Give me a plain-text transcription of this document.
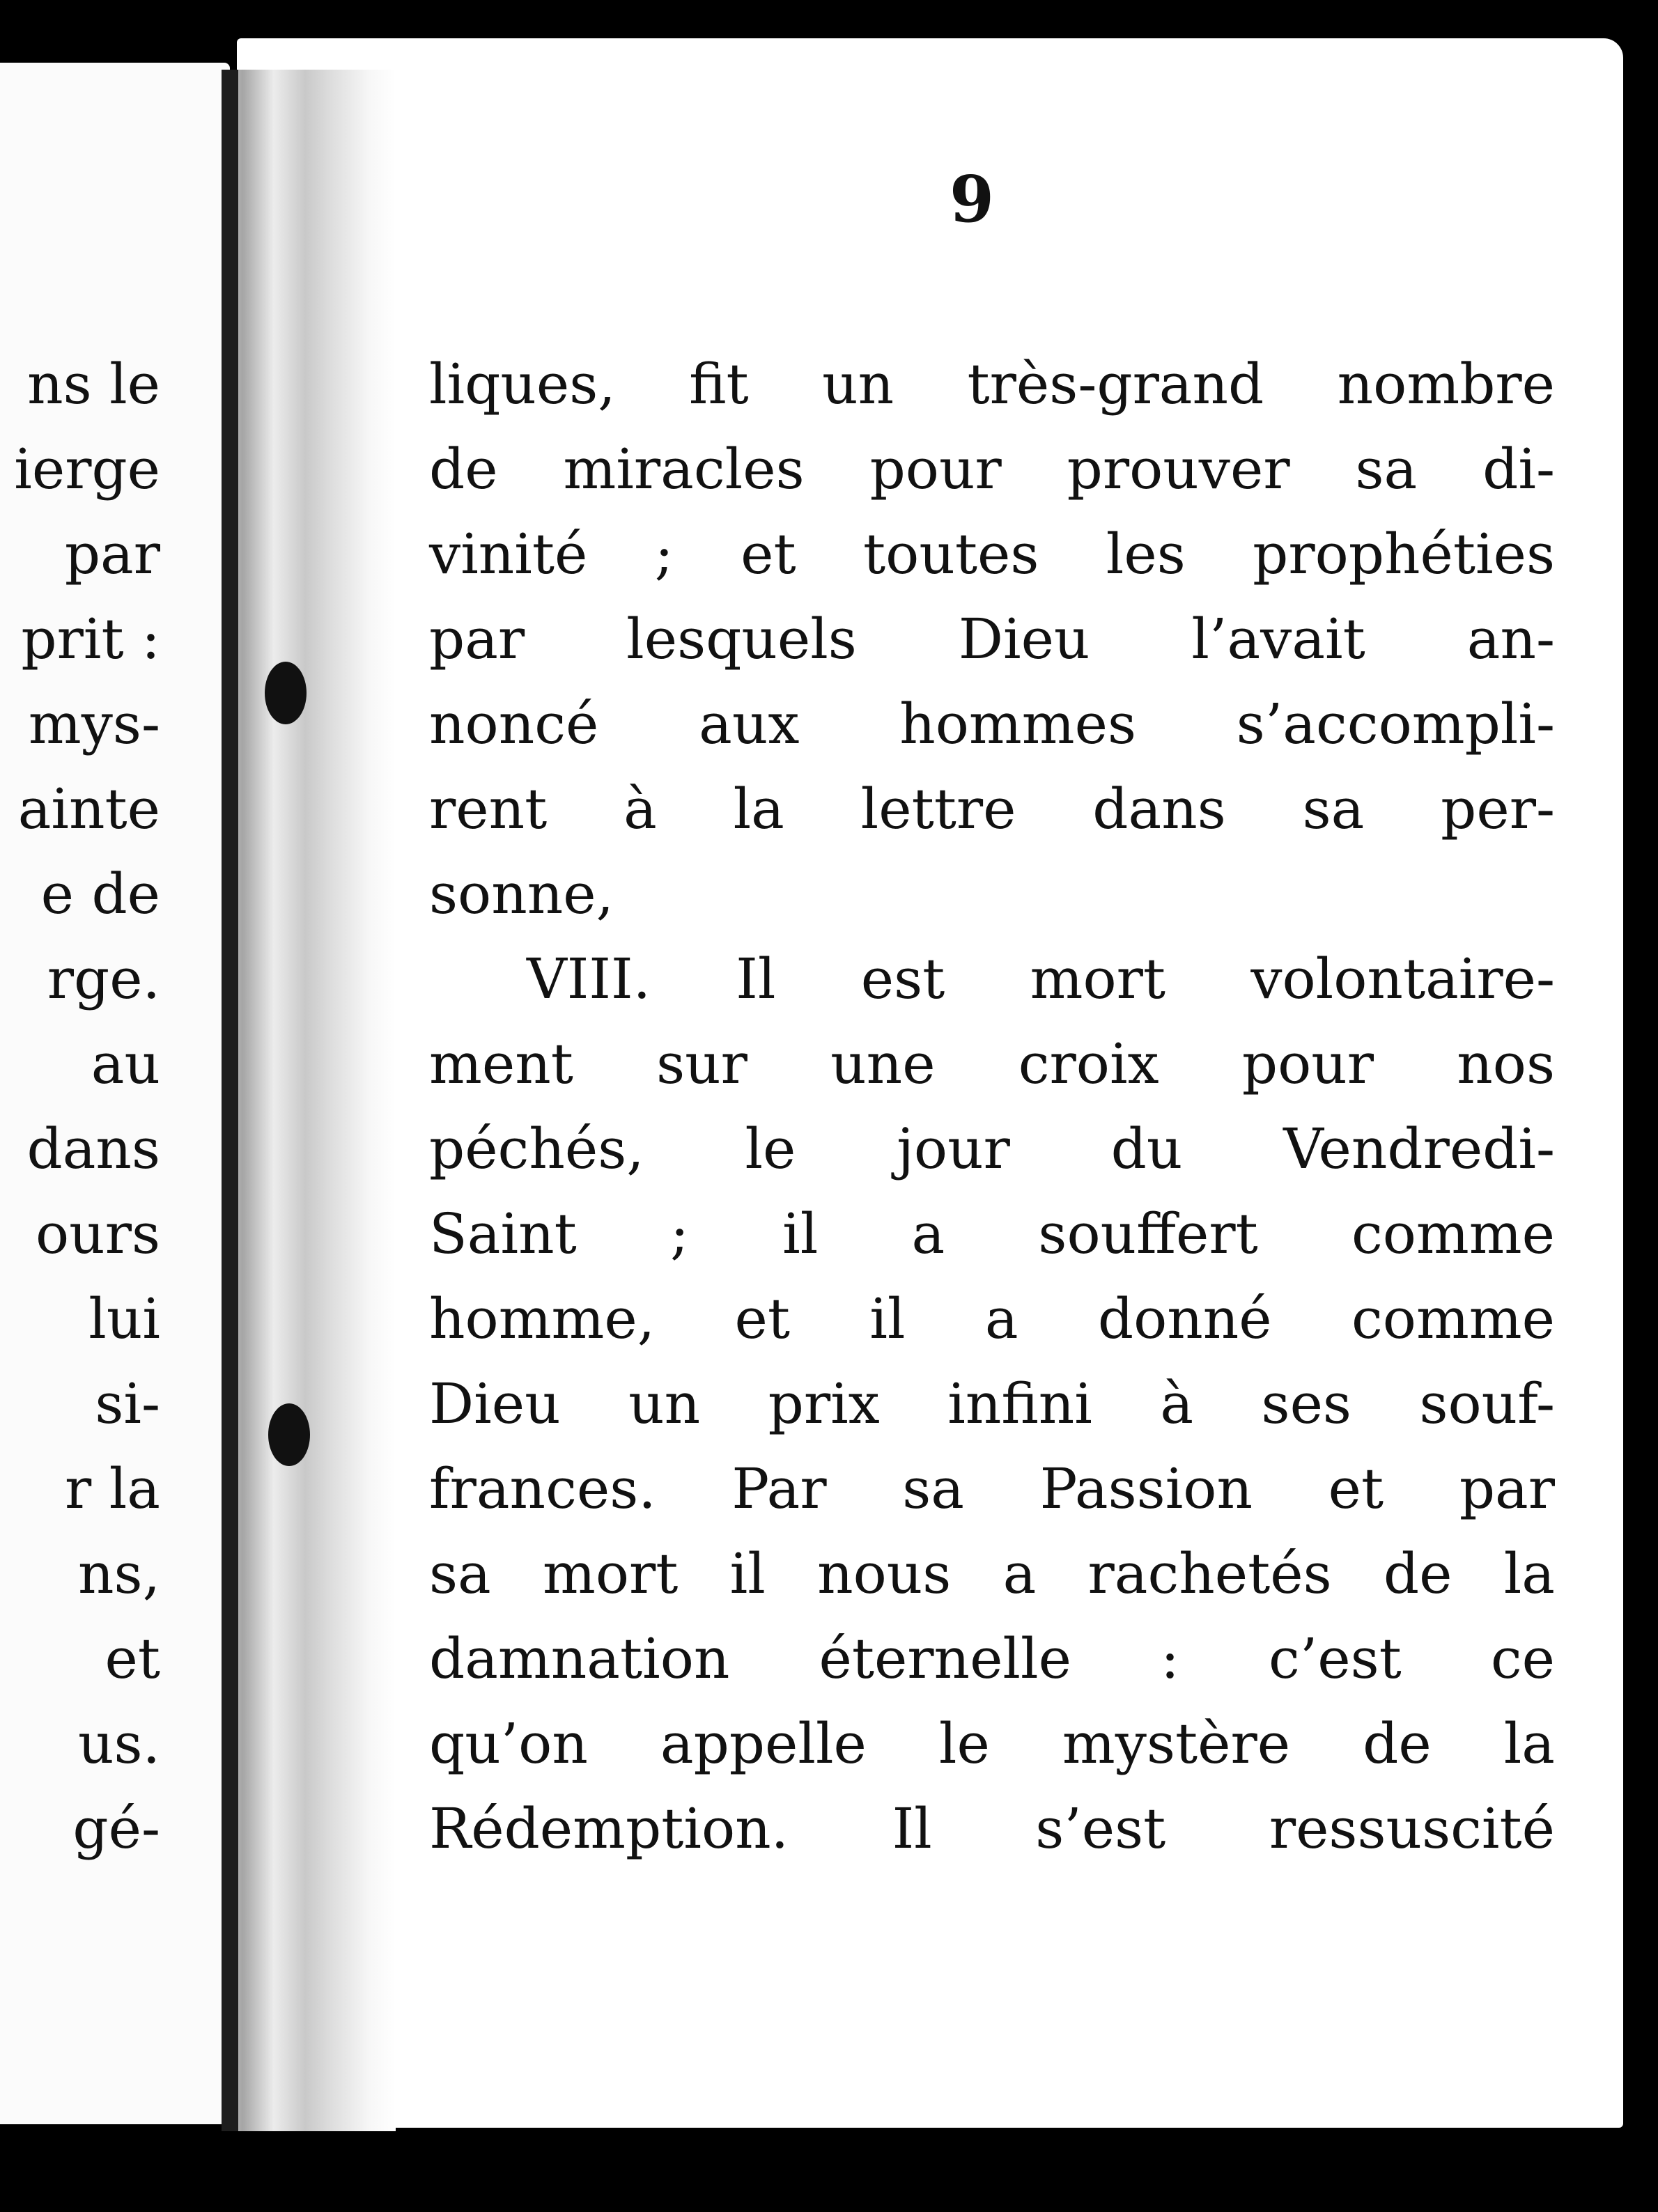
ns le
ierge
par
prit :
mys-
ainte
e de
rge.
au
dans
ours
lui
si-
r la
ns,
et
us.
gé-
9
liques, fit un très-grand nombre
de miracles pour prouver sa di-
vinité ; et toutes les prophéties
par lesquels Dieu l’avait an-
noncé aux hommes s’accompli-
rent à la lettre dans sa per-
sonne,
VIII. Il est mort volontaire-
ment sur une croix pour nos
péchés, le jour du Vendredi-
Saint ; il a souffert comme
homme, et il a donné comme
Dieu un prix infini à ses souf-
frances. Par sa Passion et par
sa mort il nous a rachetés de la
damnation éternelle : c’est ce
qu’on appelle le mystère de la
Rédemption. Il s’est ressuscité
